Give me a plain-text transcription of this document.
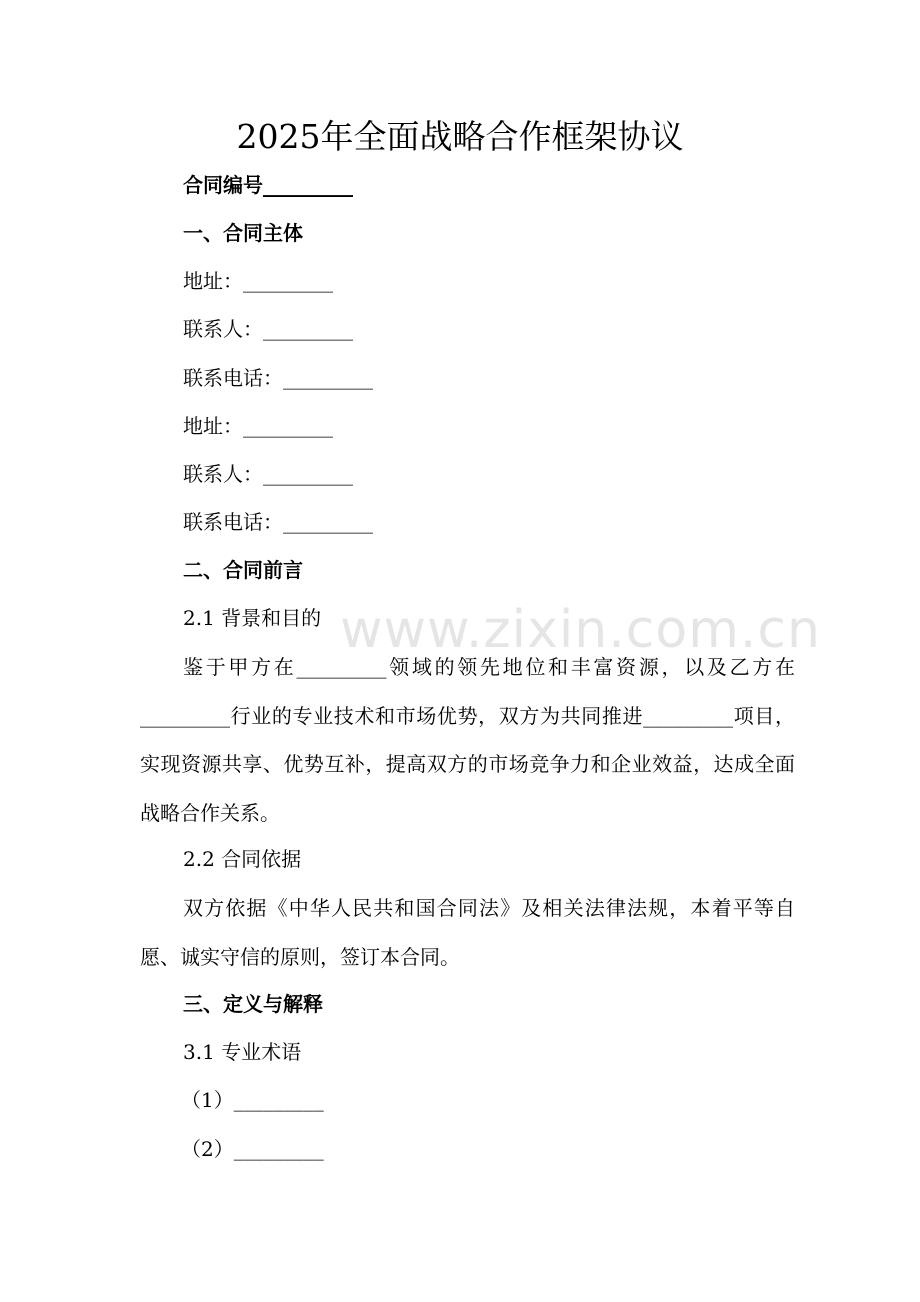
2025年全面战略合作框架协议
合同编号_________
一、合同主体
地址：_________
联系人：_________
联系电话：_________
地址：_________
联系人：_________
联系电话：_________
二、合同前言
2.1 背景和目的
鉴于甲方在_________领域的领先地位和丰富资源，以及乙方在_________行业的专业技术和市场优势，双方为共同推进_________项目，实现资源共享、优势互补，提高双方的市场竞争力和企业效益，达成全面战略合作关系。
2.2 合同依据
双方依据《中华人民共和国合同法》及相关法律法规，本着平等自愿、诚实守信的原则，签订本合同。
三、定义与解释
3.1 专业术语
（1）_________
（2）_________
www.zixin.com.cn
